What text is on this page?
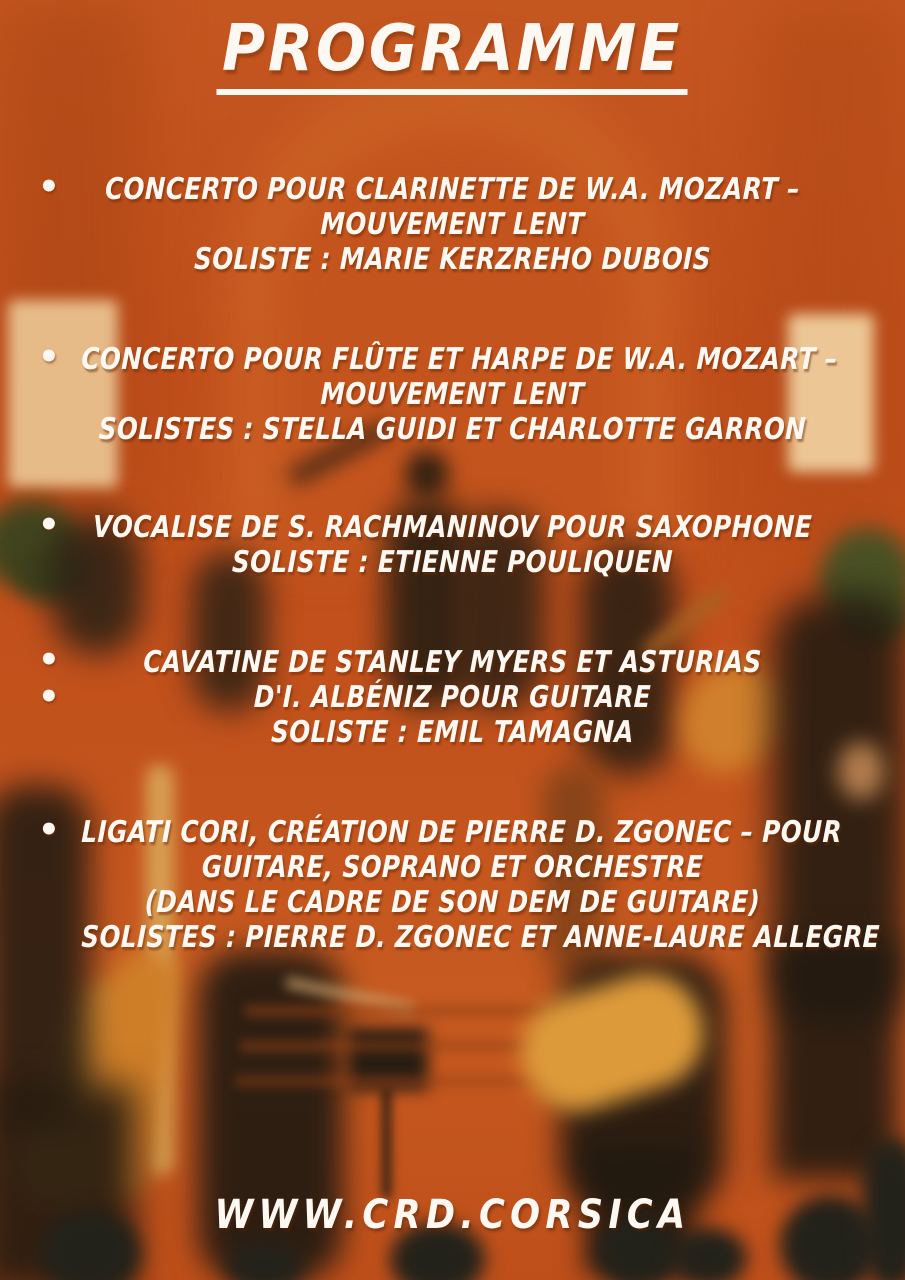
PROGRAMME
•	CONCERTO POUR CLARINETTE DE W.A. MOZART –
MOUVEMENT LENT
SOLISTE : MARIE KERZREHO DUBOIS
• CONCERTO POUR FLÛTE ET HARPE DE W.A. MOZART –
MOUVEMENT LENT
SOLISTES : STELLA GUIDI ET CHARLOTTE GARRON
•	VOCALISE DE S. RACHMANINOV POUR SAXOPHONE
SOLISTE : ETIENNE POULIQUEN
•
•
CAVATINE DE STANLEY MYERS ET ASTURIAS
D'I. ALBÉNIZ POUR GUITARE
SOLISTE : EMIL TAMAGNA
• LIGATI CORI, CRÉATION DE PIERRE D. ZGONEC – POUR
GUITARE, SOPRANO ET ORCHESTRE
(DANS LE CADRE DE SON DEM DE GUITARE)
SOLISTES : PIERRE D. ZGONEC ET ANNE-LAURE ALLEGRE
WWW.CRD.CORSICA
